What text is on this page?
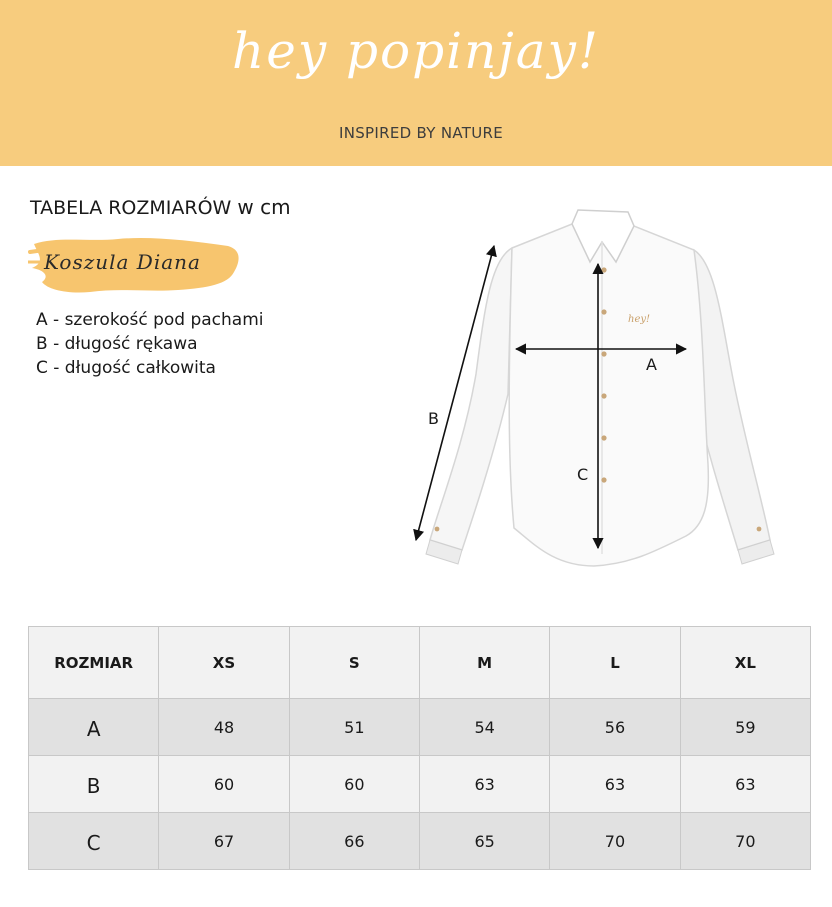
hey popinjay!
INSPIRED BY NATURE
TABELA ROZMIARÓW w cm
Koszula Diana
A - szerokość pod pachami
B - długość rękawa
C - długość całkowita
hey!
A
B
C
ROZMIAR	XS	S	M	L	XL
A	48	51	54	56	59
B	60	60	63	63	63
C	67	66	65	70	70
